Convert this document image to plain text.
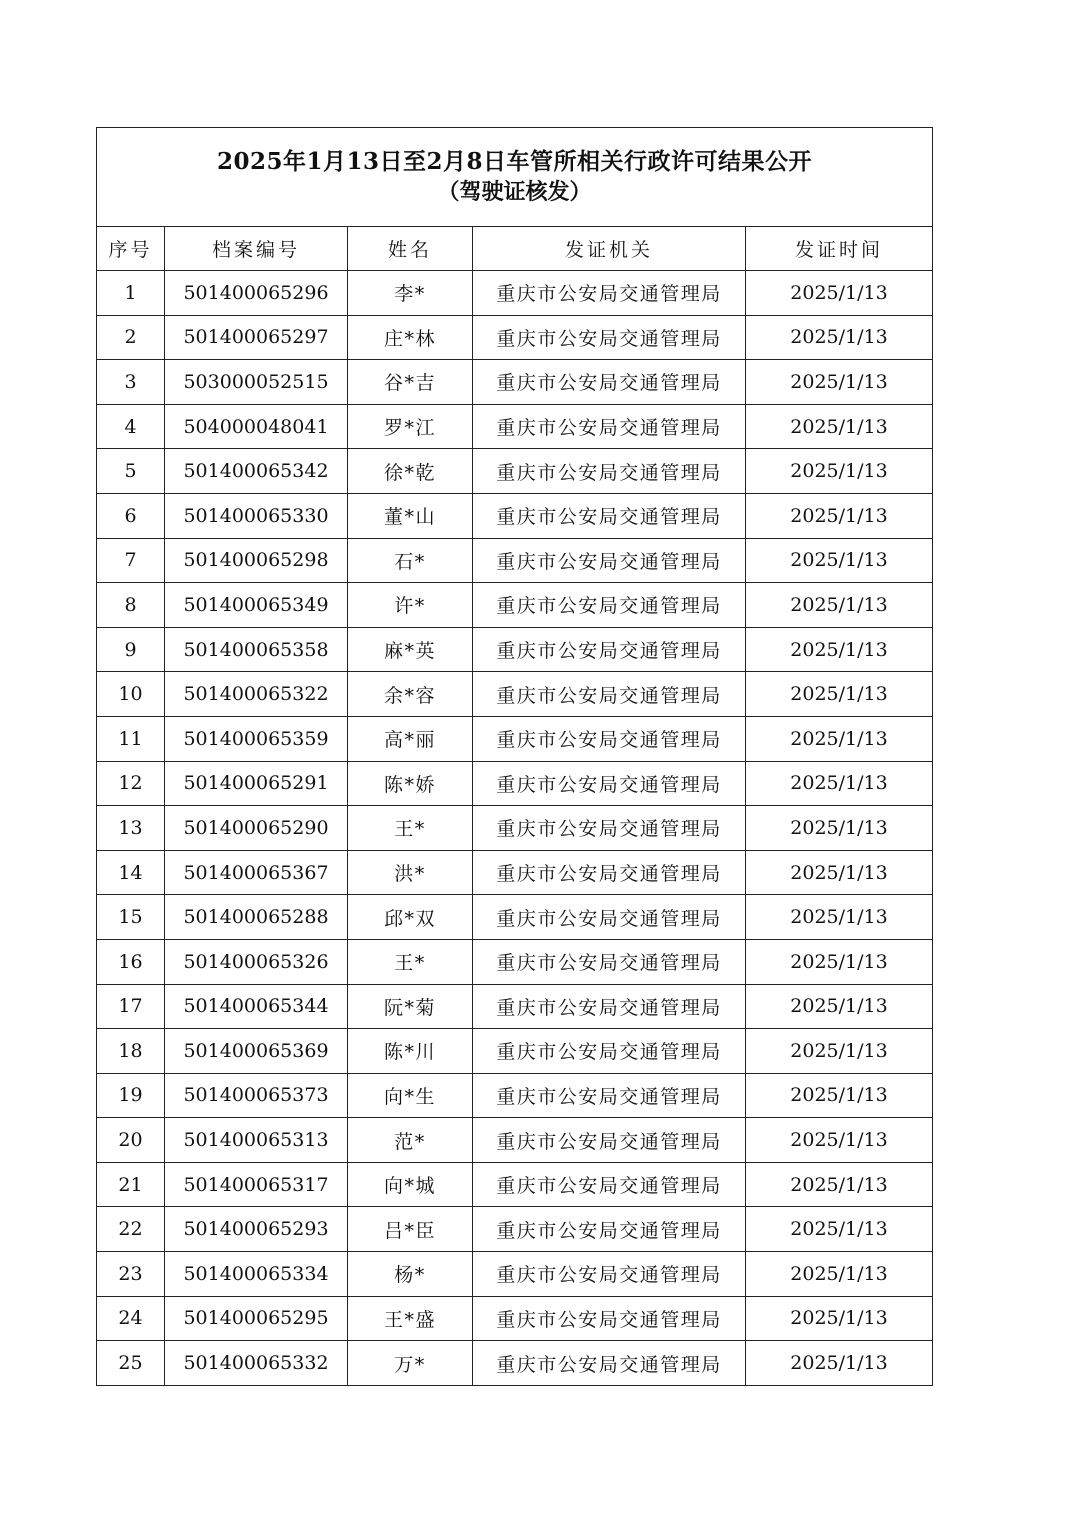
2025年1月13日至2月8日车管所相关行政许可结果公开
（驾驶证核发）				

序号	档案编号	姓名	发证机关	发证时间
1	501400065296	李*	重庆市公安局交通管理局	2025/1/13
2	501400065297	庄*林	重庆市公安局交通管理局	2025/1/13
3	503000052515	谷*吉	重庆市公安局交通管理局	2025/1/13
4	504000048041	罗*江	重庆市公安局交通管理局	2025/1/13
5	501400065342	徐*乾	重庆市公安局交通管理局	2025/1/13
6	501400065330	董*山	重庆市公安局交通管理局	2025/1/13
7	501400065298	石*	重庆市公安局交通管理局	2025/1/13
8	501400065349	许*	重庆市公安局交通管理局	2025/1/13
9	501400065358	麻*英	重庆市公安局交通管理局	2025/1/13
10	501400065322	余*容	重庆市公安局交通管理局	2025/1/13
11	501400065359	高*丽	重庆市公安局交通管理局	2025/1/13
12	501400065291	陈*娇	重庆市公安局交通管理局	2025/1/13
13	501400065290	王*	重庆市公安局交通管理局	2025/1/13
14	501400065367	洪*	重庆市公安局交通管理局	2025/1/13
15	501400065288	邱*双	重庆市公安局交通管理局	2025/1/13
16	501400065326	王*	重庆市公安局交通管理局	2025/1/13
17	501400065344	阮*菊	重庆市公安局交通管理局	2025/1/13
18	501400065369	陈*川	重庆市公安局交通管理局	2025/1/13
19	501400065373	向*生	重庆市公安局交通管理局	2025/1/13
20	501400065313	范*	重庆市公安局交通管理局	2025/1/13
21	501400065317	向*城	重庆市公安局交通管理局	2025/1/13
22	501400065293	吕*臣	重庆市公安局交通管理局	2025/1/13
23	501400065334	杨*	重庆市公安局交通管理局	2025/1/13
24	501400065295	王*盛	重庆市公安局交通管理局	2025/1/13
25	501400065332	万*	重庆市公安局交通管理局	2025/1/13
